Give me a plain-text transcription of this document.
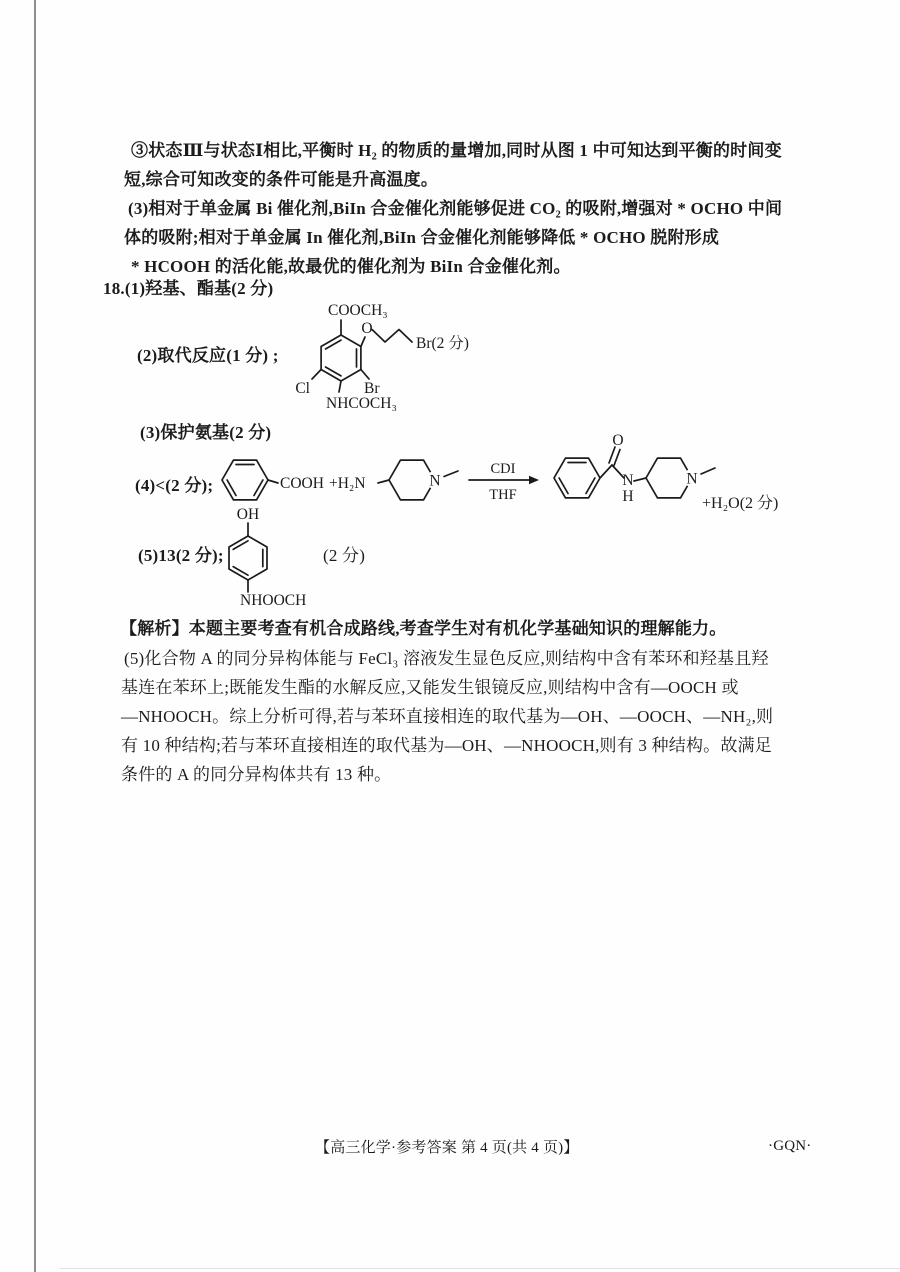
③状态Ⅲ与状态Ⅰ相比,平衡时 H₂ 的物质的量增加,同时从图 1 中可知达到平衡的时间变
短,综合可知改变的条件可能是升高温度。
(3)相对于单金属 Bi 催化剂,BiIn 合金催化剂能够促进 CO₂ 的吸附,增强对 * OCHO 中间
体的吸附;相对于单金属 In 催化剂,BiIn 合金催化剂能够降低 * OCHO 脱附形成
* HCOOH 的活化能,故最优的催化剂为 BiIn 合金催化剂。
18.(1)羟基、酯基(2 分)
(2)取代反应(1 分) ;
COOCH₃
O
Br(2 分)
Cl	Br
NHCOCH₃
(3)保护氨基(2 分)
(4)<(2 分);	COOH +H₂N	N
CDI
THF
O
N
H
N
+H₂O(2 分)
(5)13(2 分);
OH
NHOOCH
(2 分)
【解析】本题主要考查有机合成路线,考查学生对有机化学基础知识的理解能力。
(5)化合物 A 的同分异构体能与 FeCl₃ 溶液发生显色反应,则结构中含有苯环和羟基且羟
基连在苯环上;既能发生酯的水解反应,又能发生银镜反应,则结构中含有—OOCH 或
—NHOOCH。综上分析可得,若与苯环直接相连的取代基为—OH、—OOCH、—NH₂,则
有 10 种结构;若与苯环直接相连的取代基为—OH、—NHOOCH,则有 3 种结构。故满足
条件的 A 的同分异构体共有 13 种。
【高三化学·参考答案 第 4 页(共 4 页)】	·GQN·
